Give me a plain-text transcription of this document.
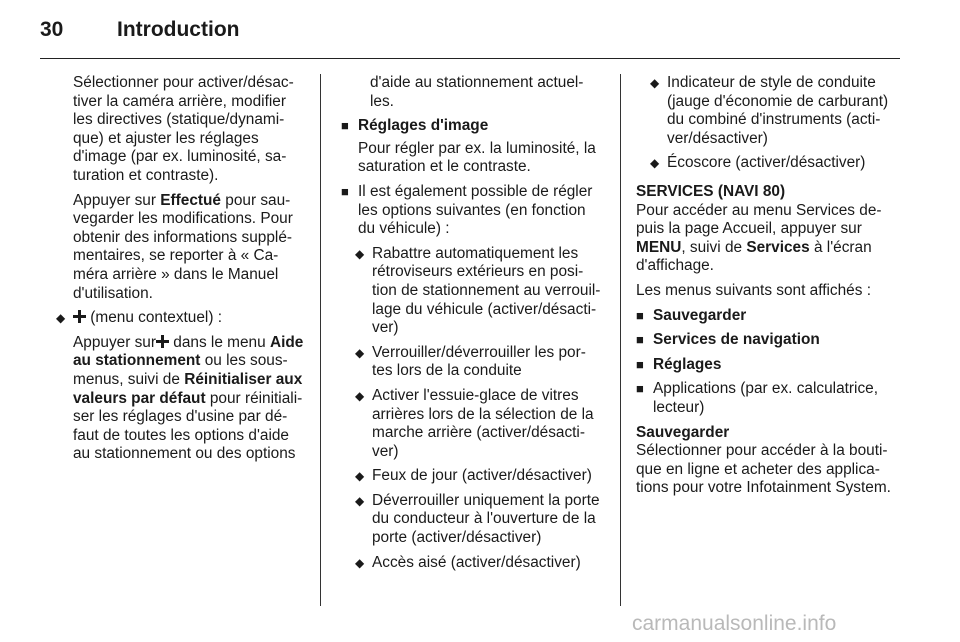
30	Introduction

Sélectionner pour activer/désac-tiver la caméra arrière, modifier les directives (statique/dynami-que) et ajuster les réglages d'image (par ex. luminosité, sa-turation et contraste).

Appuyer sur Effectué pour sau-vegarder les modifications. Pour obtenir des informations supplé-mentaires, se reporter à « Ca-méra arrière » dans le Manuel d'utilisation.

◆ (menu contextuel) :

Appuyer sur dans le menu Aide au stationnement ou les sous-menus, suivi de Réinitialiser aux valeurs par défaut pour réinitiali-ser les réglages d'usine par dé-faut de toutes les options d'aide au stationnement ou des options

d'aide au stationnement actuel-les.

■ Réglages d'image

Pour régler par ex. la luminosité, la saturation et le contraste.

■ Il est également possible de régler les options suivantes (en fonction du véhicule) :

◆ Rabattre automatiquement les rétroviseurs extérieurs en posi-tion de stationnement au verrouil-lage du véhicule (activer/désacti-ver)

◆ Verrouiller/déverrouiller les por-tes lors de la conduite

◆ Activer l'essuie-glace de vitres arrières lors de la sélection de la marche arrière (activer/désacti-ver)

◆ Feux de jour (activer/désactiver)

◆ Déverrouiller uniquement la porte du conducteur à l'ouverture de la porte (activer/désactiver)

◆ Accès aisé (activer/désactiver)

◆ Indicateur de style de conduite (jauge d'économie de carburant) du combiné d'instruments (acti-ver/désactiver)

◆ Écoscore (activer/désactiver)

SERVICES (NAVI 80)

Pour accéder au menu Services de-puis la page Accueil, appuyer sur MENU, suivi de Services à l'écran d'affichage.

Les menus suivants sont affichés :

■ Sauvegarder

■ Services de navigation

■ Réglages

■ Applications (par ex. calculatrice, lecteur)

Sauvegarder

Sélectionner pour accéder à la bouti-que en ligne et acheter des applica-tions pour votre Infotainment System.

carmanualsonline.info
